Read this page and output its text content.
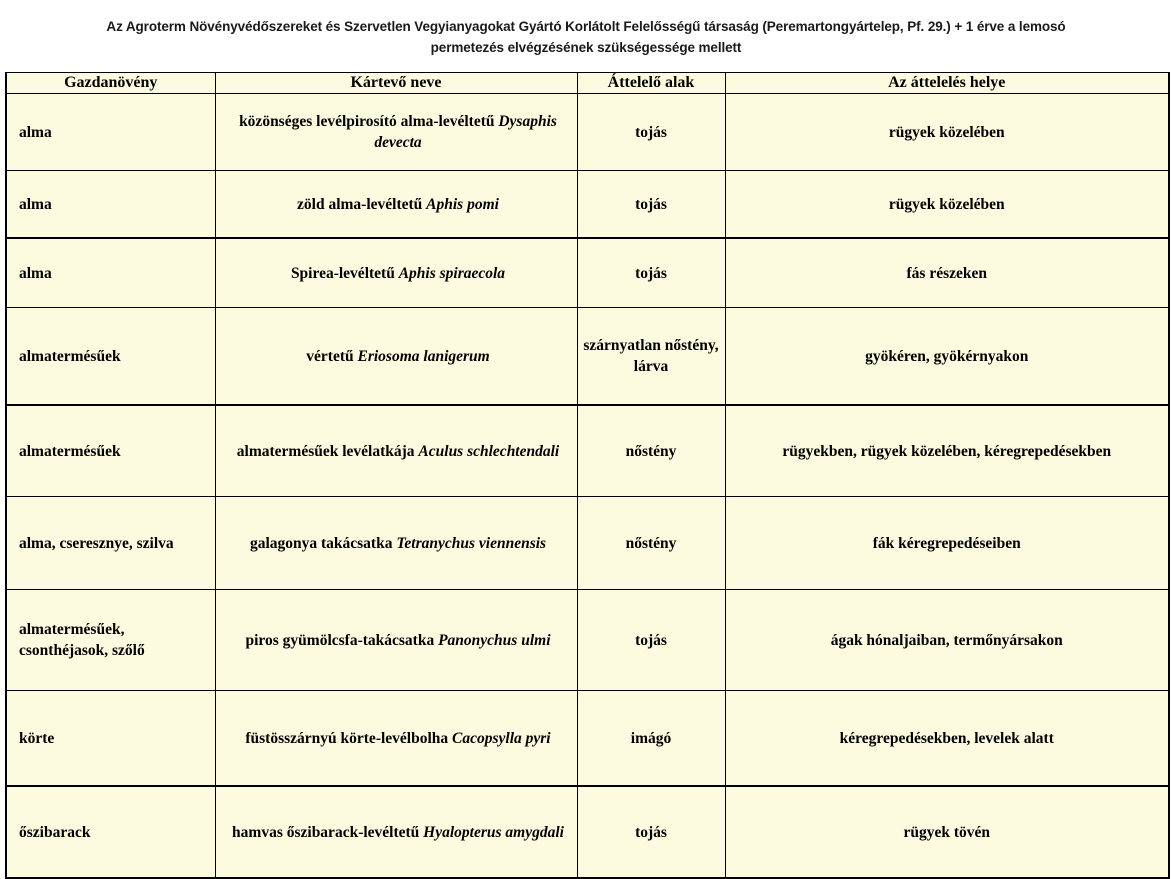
Az Agroterm Növényvédőszereket és Szervetlen Vegyianyagokat Gyártó Korlátolt Felelősségű társaság (Peremartongyártelep, Pf. 29.) + 1 érve a lemosó
permetezés elvégzésének szükségessége mellett
Gazdanövény	Kártevő neve	Áttelelő alak	Az áttelelés helye
alma	közönséges levélpirosító alma-levéltetű Dysaphis devecta	tojás	rügyek közelében
alma	zöld alma-levéltetű Aphis pomi	tojás	rügyek közelében
alma	Spirea-levéltetű Aphis spiraecola	tojás	fás részeken
almatermésűek	vértetű Eriosoma lanigerum	szárnyatlan nőstény, lárva	gyökéren, gyökérnyakon
almatermésűek	almatermésűek levélatkája Aculus schlechtendali	nőstény	rügyekben, rügyek közelében, kéregrepedésekben
alma, cseresznye, szilva	galagonya takácsatka Tetranychus viennensis	nőstény	fák kéregrepedéseiben
almatermésűek, csonthéjasok, szőlő	piros gyümölcsfa-takácsatka Panonychus ulmi	tojás	ágak hónaljaiban, termőnyársakon
körte	füstösszárnyú körte-levélbolha Cacopsylla pyri	imágó	kéregrepedésekben, levelek alatt
őszibarack	hamvas őszibarack-levéltetű Hyalopterus amygdali	tojás	rügyek tövén
